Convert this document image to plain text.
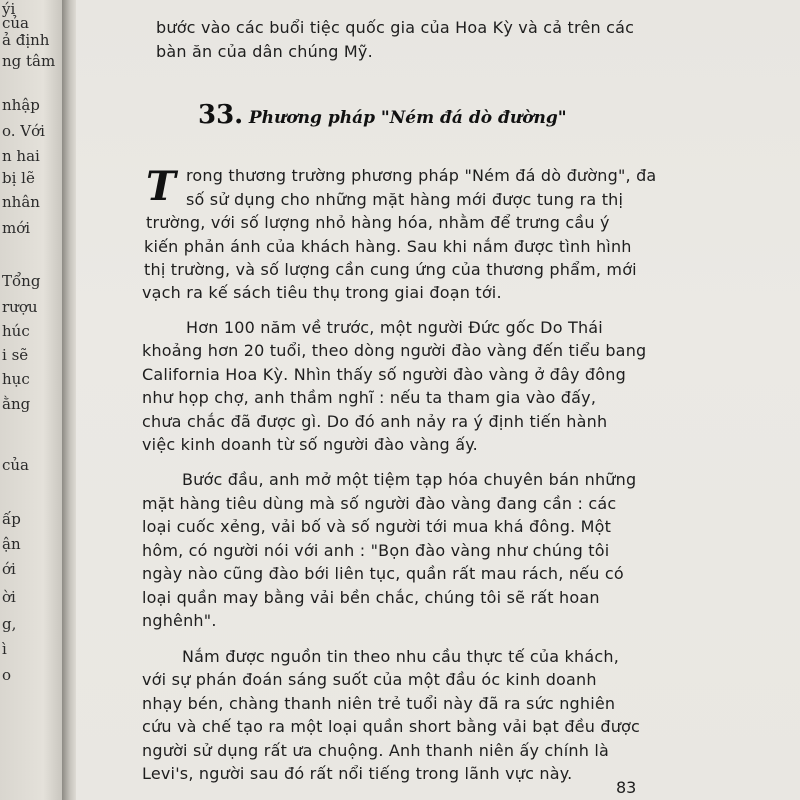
ýi
của
ả định
ng tâm
nhập
o. Với
n hai
bị lẽ
nhân
mới
Tổng
rượu
húc
i sẽ
hục
ằng
của
ấp
ận
ới
ời
g,
ì
o
bước vào các buổi tiệc quốc gia của Hoa Kỳ và cả trên các
bàn ăn của dân chúng Mỹ.
33. Phương pháp "Ném đá dò đường"
T rong thương trường phương pháp "Ném đá dò đường", đa
số sử dụng cho những mặt hàng mới được tung ra thị
trường, với số lượng nhỏ hàng hóa, nhằm để trưng cầu ý
kiến phản ánh của khách hàng. Sau khi nắm được tình hình
thị trường, và số lượng cần cung ứng của thương phẩm, mới
vạch ra kế sách tiêu thụ trong giai đoạn tới.
Hơn 100 năm về trước, một người Đức gốc Do Thái
khoảng hơn 20 tuổi, theo dòng người đào vàng đến tiểu bang
California Hoa Kỳ. Nhìn thấy số người đào vàng ở đây đông
như họp chợ, anh thầm nghĩ : nếu ta tham gia vào đấy,
chưa chắc đã được gì. Do đó anh nảy ra ý định tiến hành
việc kinh doanh từ số người đào vàng ấy.
Bước đầu, anh mở một tiệm tạp hóa chuyên bán những
mặt hàng tiêu dùng mà số người đào vàng đang cần : các
loại cuốc xẻng, vải bố và số người tới mua khá đông. Một
hôm, có người nói với anh : "Bọn đào vàng như chúng tôi
ngày nào cũng đào bới liên tục, quần rất mau rách, nếu có
loại quần may bằng vải bền chắc, chúng tôi sẽ rất hoan
nghênh".
Nắm được nguồn tin theo nhu cầu thực tế của khách,
với sự phán đoán sáng suốt của một đầu óc kinh doanh
nhạy bén, chàng thanh niên trẻ tuổi này đã ra sức nghiên
cứu và chế tạo ra một loại quần short bằng vải bạt đều được
người sử dụng rất ưa chuộng. Anh thanh niên ấy chính là
Levi's, người sau đó rất nổi tiếng trong lãnh vực này.
83
